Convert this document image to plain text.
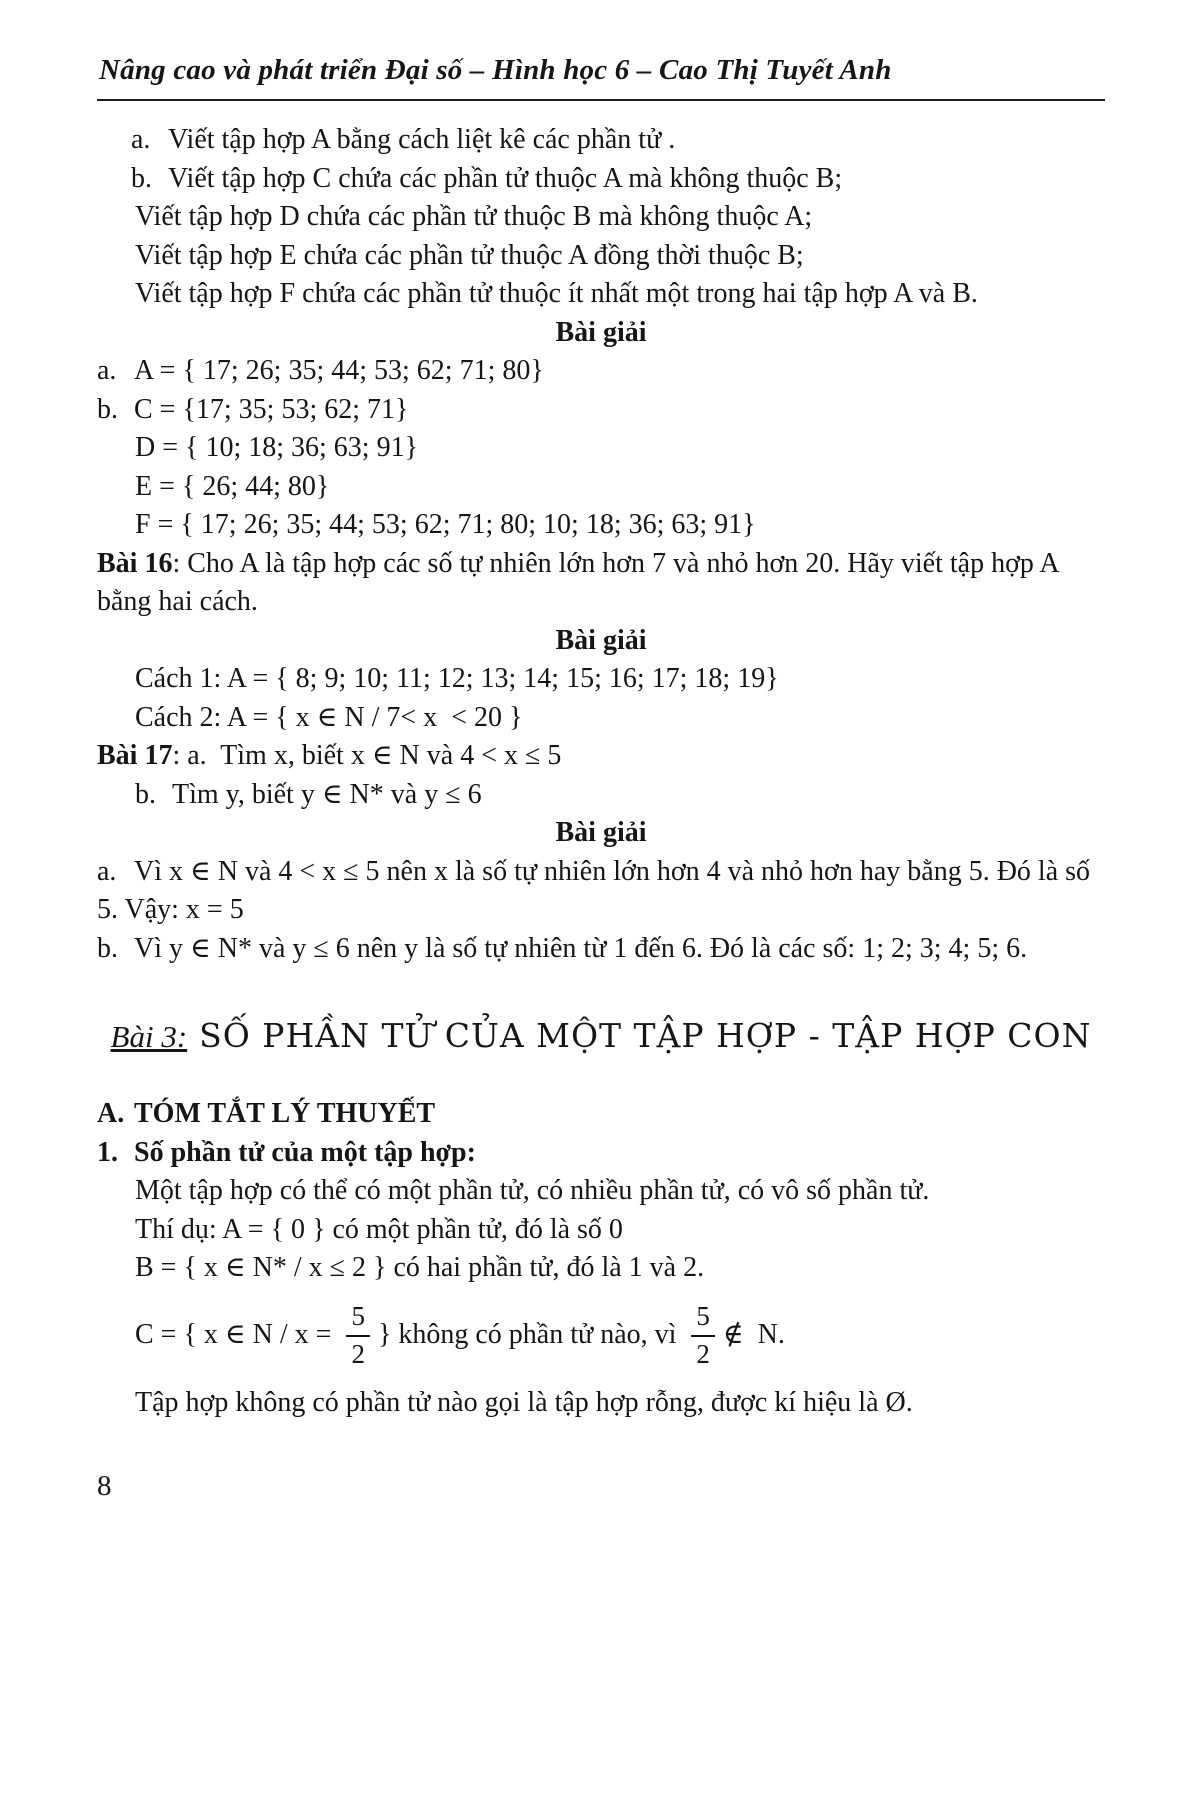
Nâng cao và phát triển Đại số – Hình học 6 – Cao Thị Tuyết Anh

a. Viết tập hợp A bằng cách liệt kê các phần tử .

b. Viết tập hợp C chứa các phần tử thuộc A mà không thuộc B;

Viết tập hợp D chứa các phần tử thuộc B mà không thuộc A;

Viết tập hợp E chứa các phần tử thuộc A đồng thời thuộc B;

Viết tập hợp F chứa các phần tử thuộc ít nhất một trong hai tập hợp A và B.

Bài giải

a. A = { 17; 26; 35; 44; 53; 62; 71; 80}

b. C = {17; 35; 53; 62; 71}

D = { 10; 18; 36; 63; 91}

E = { 26; 44; 80}

F = { 17; 26; 35; 44; 53; 62; 71; 80; 10; 18; 36; 63; 91}

Bài 16: Cho A là tập hợp các số tự nhiên lớn hơn 7 và nhỏ hơn 20. Hãy viết tập hợp A bằng hai cách.

Bài giải

Cách 1: A = { 8; 9; 10; 11; 12; 13; 14; 15; 16; 17; 18; 19}

Cách 2: A = { x ∈ N / 7< x  < 20 }

Bài 17: a.  Tìm x, biết x ∈ N và 4 < x ≤ 5

b. Tìm y, biết y ∈ N* và y ≤ 6

Bài giải

a. Vì x ∈ N và 4 < x ≤ 5 nên x là số tự nhiên lớn hơn 4 và nhỏ hơn hay bằng 5. Đó là số 5. Vậy: x = 5

b. Vì y ∈ N* và y ≤ 6 nên y là số tự nhiên từ 1 đến 6. Đó là các số: 1; 2; 3; 4; 5; 6.

Bài 3: SỐ PHẦN TỬ CỦA MỘT TẬP HỢP - TẬP HỢP CON

A. TÓM TẮT LÝ THUYẾT

1. Số phần tử của một tập hợp:

Một tập hợp có thể có một phần tử, có nhiều phần tử, có vô số phần tử.

Thí dụ: A = { 0 } có một phần tử, đó là số 0

B = { x ∈ N* / x ≤ 2 } có hai phần tử, đó là 1 và 2.

C = { x ∈ $N / x = \frac{5}{2}$ } không có phần tử nào, vì $\frac{5}{2}$ ∉  N.

Tập hợp không có phần tử nào gọi là tập hợp rỗng, được kí hiệu là Ø.

8
